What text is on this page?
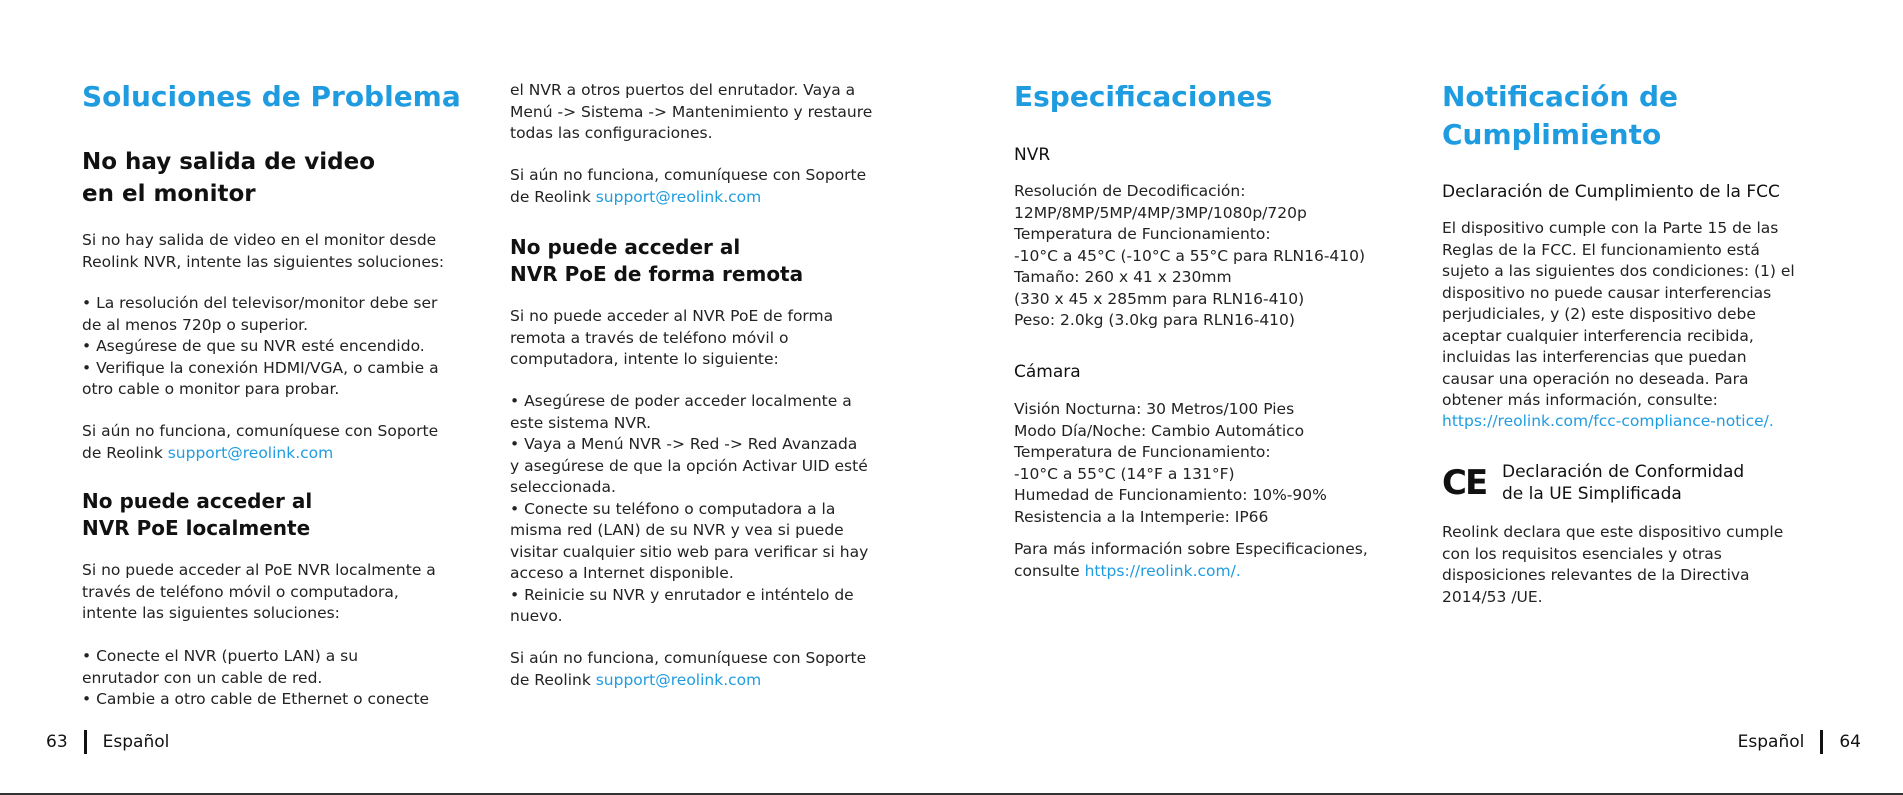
Soluciones de Problema
No hay salida de video
en el monitor

Si no hay salida de video en el monitor desde
Reolink NVR, intente las siguientes soluciones:

• La resolución del televisor/monitor debe ser
de al menos 720p o superior.
• Asegúrese de que su NVR esté encendido.
• Verifique la conexión HDMI/VGA, o cambie a
otro cable o monitor para probar.

Si aún no funciona, comuníquese con Soporte
de Reolink support@reolink.com

No puede acceder al
NVR PoE localmente

Si no puede acceder al PoE NVR localmente a
través de teléfono móvil o computadora,
intente las siguientes soluciones:

• Conecte el NVR (puerto LAN) a su
enrutador con un cable de red.
• Cambie a otro cable de Ethernet o conecte

el NVR a otros puertos del enrutador. Vaya a
Menú -> Sistema -> Mantenimiento y restaure
todas las configuraciones.

Si aún no funciona, comuníquese con Soporte
de Reolink support@reolink.com

No puede acceder al
NVR PoE de forma remota

Si no puede acceder al NVR PoE de forma
remota a través de teléfono móvil o
computadora, intente lo siguiente:

• Asegúrese de poder acceder localmente a
este sistema NVR.
• Vaya a Menú NVR -> Red -> Red Avanzada
y asegúrese de que la opción Activar UID esté
seleccionada.
• Conecte su teléfono o computadora a la
misma red (LAN) de su NVR y vea si puede
visitar cualquier sitio web para verificar si hay
acceso a Internet disponible.
• Reinicie su NVR y enrutador e inténtelo de
nuevo.

Si aún no funciona, comuníquese con Soporte
de Reolink support@reolink.com

Especificaciones
NVR

Resolución de Decodificación:
12MP/8MP/5MP/4MP/3MP/1080p/720p
Temperatura de Funcionamiento:
-10°C a 45°C (-10°C a 55°C para RLN16-410)
Tamaño: 260 x 41 x 230mm
(330 x 45 x 285mm para RLN16-410)
Peso: 2.0kg (3.0kg para RLN16-410)

Cámara

Visión Nocturna: 30 Metros/100 Pies
Modo Día/Noche: Cambio Automático
Temperatura de Funcionamiento:
-10°C a 55°C (14°F a 131°F)
Humedad de Funcionamiento: 10%-90%
Resistencia a la Intemperie: IP66

Para más información sobre Especificaciones,
consulte https://reolink.com/.

Notificación de
Cumplimiento
Declaración de Cumplimiento de la FCC

El dispositivo cumple con la Parte 15 de las
Reglas de la FCC. El funcionamiento está
sujeto a las siguientes dos condiciones: (1) el
dispositivo no puede causar interferencias
perjudiciales, y (2) este dispositivo debe
aceptar cualquier interferencia recibida,
incluidas las interferencias que puedan
causar una operación no deseada. Para
obtener más información, consulte:

https://reolink.com/fcc-compliance-notice/.

CE Declaración de Conformidad
de la UE Simplificada

Reolink declara que este dispositivo cumple
con los requisitos esenciales y otras
disposiciones relevantes de la Directiva
2014/53 /UE.

63 Español	Español 64
